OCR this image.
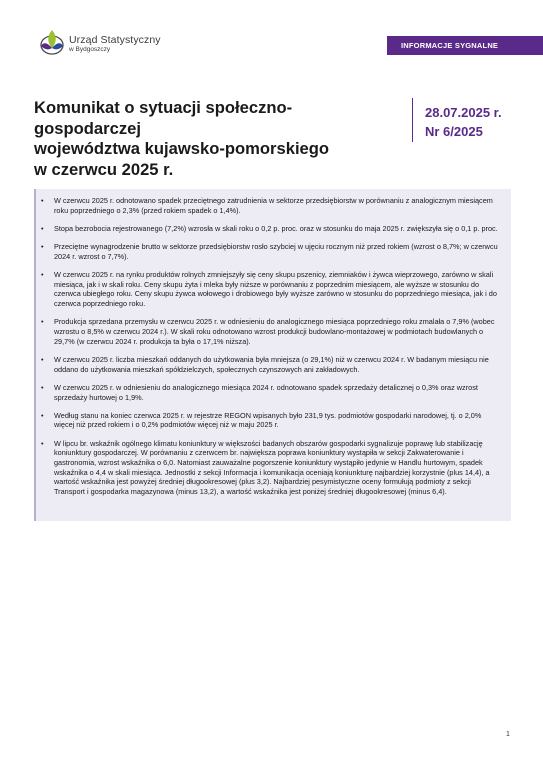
Urząd Statystyczny
w Bydgoszczy	INFORMACJE SYGNALNE
Komunikat o sytuacji społeczno-gospodarczej
województwa kujawsko-pomorskiego
w czerwcu 2025 r.
28.07.2025 r.
Nr 6/2025
• W czerwcu 2025 r. odnotowano spadek przeciętnego zatrudnienia w sektorze przedsiębiorstw w porównaniu z analogicznym miesiącem roku poprzedniego o 2,3% (przed rokiem spadek o 1,4%).
• Stopa bezrobocia rejestrowanego (7,2%) wzrosła w skali roku o 0,2 p. proc. oraz w stosunku do maja 2025 r. zwiększyła się o 0,1 p. proc.
• Przeciętne wynagrodzenie brutto w sektorze przedsiębiorstw rosło szybciej w ujęciu rocznym niż przed rokiem (wzrost o 8,7%; w czerwcu 2024 r. wzrost o 7,7%).
• W czerwcu 2025 r. na rynku produktów rolnych zmniejszyły się ceny skupu pszenicy, ziemniaków i żywca wieprzowego, zarówno w skali miesiąca, jak i w skali roku. Ceny skupu żyta i mleka były niższe w porównaniu z poprzednim miesiącem, ale wyższe w stosunku do czerwca ubiegłego roku. Ceny skupu żywca wołowego i drobiowego były wyższe zarówno w stosunku do poprzedniego miesiąca, jak i do czerwca poprzedniego roku.
• Produkcja sprzedana przemysłu w czerwcu 2025 r. w odniesieniu do analogicznego miesiąca poprzedniego roku zmalała o 7,9% (wobec wzrostu o 8,5% w czerwcu 2024 r.). W skali roku odnotowano wzrost produkcji budowlano-montażowej w podmiotach budowlanych o 29,7% (w czerwcu 2024 r. produkcja ta była o 17,1% niższa).
• W czerwcu 2025 r. liczba mieszkań oddanych do użytkowania była mniejsza (o 29,1%) niż w czerwcu 2024 r. W badanym miesiącu nie oddano do użytkowania mieszkań spółdzielczych, społecznych czynszowych ani zakładowych.
• W czerwcu 2025 r. w odniesieniu do analogicznego miesiąca 2024 r. odnotowano spadek sprzedaży detalicznej o 0,3% oraz wzrost sprzedaży hurtowej o 1,9%.
• Według stanu na koniec czerwca 2025 r. w rejestrze REGON wpisanych było 231,9 tys. podmiotów gospodarki narodowej, tj. o 2,0% więcej niż przed rokiem i o 0,2% podmiotów więcej niż w maju 2025 r.
• W lipcu br. wskaźnik ogólnego klimatu koniunktury w większości badanych obszarów gospodarki sygnalizuje poprawę lub stabilizację koniunktury gospodarczej. W porównaniu z czerwcem br. największa poprawa koniunktury wystąpiła w sekcji Zakwaterowanie i gastronomia, wzrost wskaźnika o 6,0. Natomiast zauważalne pogorszenie koniunktury wystąpiło jedynie w Handlu hurtowym, spadek wskaźnika o 4,4 w skali miesiąca. Jednostki z sekcji Informacja i komunikacja oceniają koniunkturę najbardziej korzystnie (plus 14,4), a wartość wskaźnika jest powyżej średniej długookresowej (plus 3,2). Najbardziej pesymistyczne oceny formułują podmioty z sekcji Transport i gospodarka magazynowa (minus 13,2), a wartość wskaźnika jest poniżej średniej długookresowej (minus 6,4).
1
